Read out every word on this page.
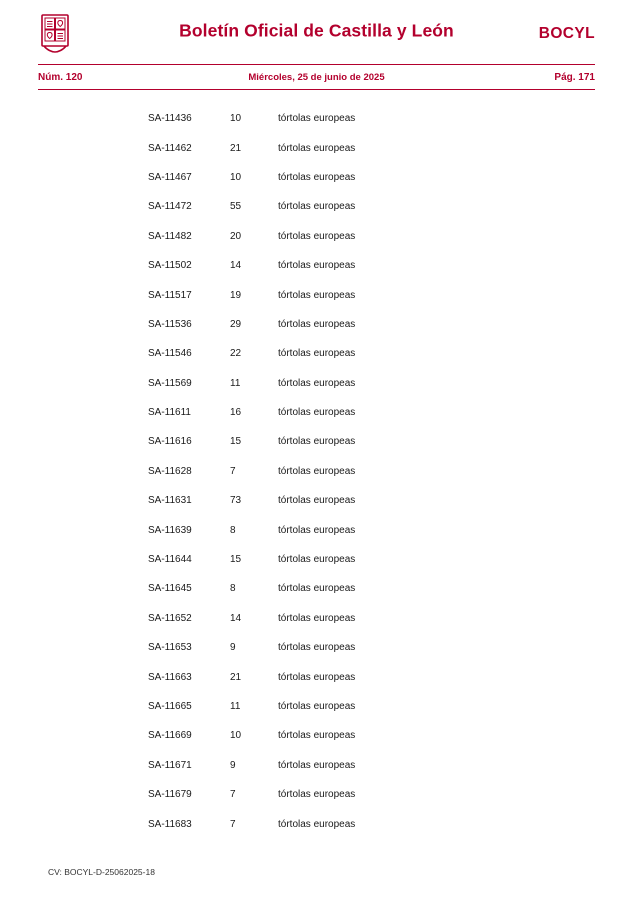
Boletín Oficial de Castilla y León	BOCYL
Núm. 120	Miércoles, 25 de junio de 2025	Pág. 171
SA-11436	10	tórtolas europeas
SA-11462	21	tórtolas europeas
SA-11467	10	tórtolas europeas
SA-11472	55	tórtolas europeas
SA-11482	20	tórtolas europeas
SA-11502	14	tórtolas europeas
SA-11517	19	tórtolas europeas
SA-11536	29	tórtolas europeas
SA-11546	22	tórtolas europeas
SA-11569	11	tórtolas europeas
SA-11611	16	tórtolas europeas
SA-11616	15	tórtolas europeas
SA-11628	7	tórtolas europeas
SA-11631	73	tórtolas europeas
SA-11639	8	tórtolas europeas
SA-11644	15	tórtolas europeas
SA-11645	8	tórtolas europeas
SA-11652	14	tórtolas europeas
SA-11653	9	tórtolas europeas
SA-11663	21	tórtolas europeas
SA-11665	11	tórtolas europeas
SA-11669	10	tórtolas europeas
SA-11671	9	tórtolas europeas
SA-11679	7	tórtolas europeas
SA-11683	7	tórtolas europeas
CV: BOCYL-D-25062025-18
